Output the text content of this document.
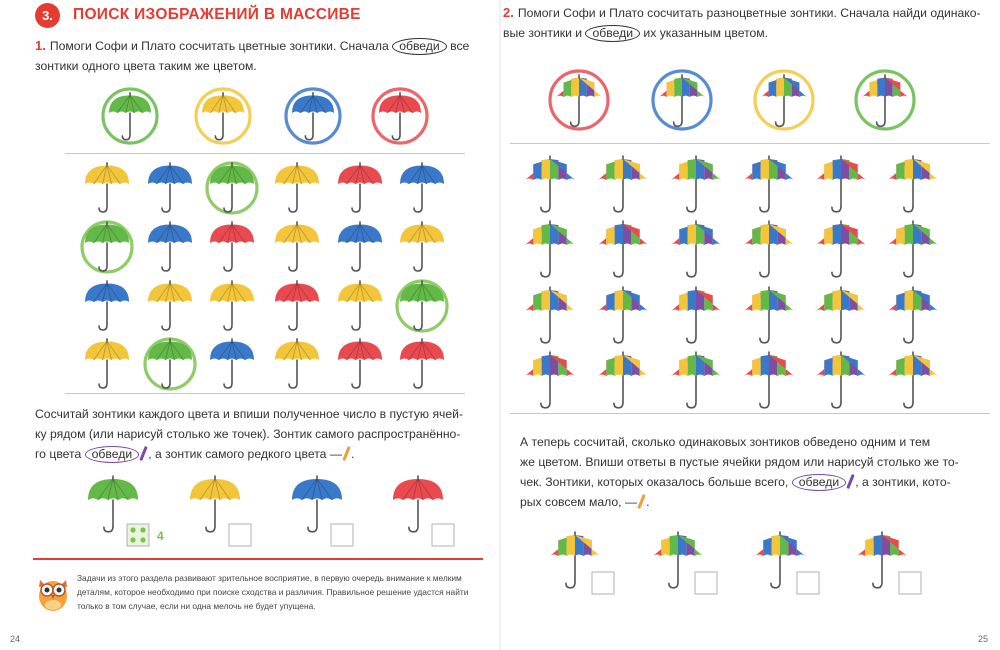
3.	ПОИСК ИЗОБРАЖЕНИЙ В МАССИВЕ
1. Помоги Софи и Плато сосчитать цветные зонтики. Сначала обведи все
зонтики одного цвета таким же цветом.
Сосчитай зонтики каждого цвета и впиши полученное число в пустую ячей-
ку рядом (или нарисуй столько же точек). Зонтик самого распространённо-
го цвета обведи , а зонтик самого редкого цвета — .
Задачи из этого раздела развивают зрительное восприятие, в первую очередь внимание к мелким деталям, которое необходимо при поиске сходства и различия. Правильное решение удастся найти только в том случае, если ни одна мелочь не будет упущена.
24
2. Помоги Софи и Плато сосчитать разноцветные зонтики. Сначала найди одинако-
вые зонтики и обведи их указанным цветом.
А теперь сосчитай, сколько одинаковых зонтиков обведено одним и тем
же цветом. Впиши ответы в пустые ячейки рядом или нарисуй столько же то-
чек. Зонтики, которых оказалось больше всего, обведи , а зонтики, кото-
рых совсем мало, — .
25
4
